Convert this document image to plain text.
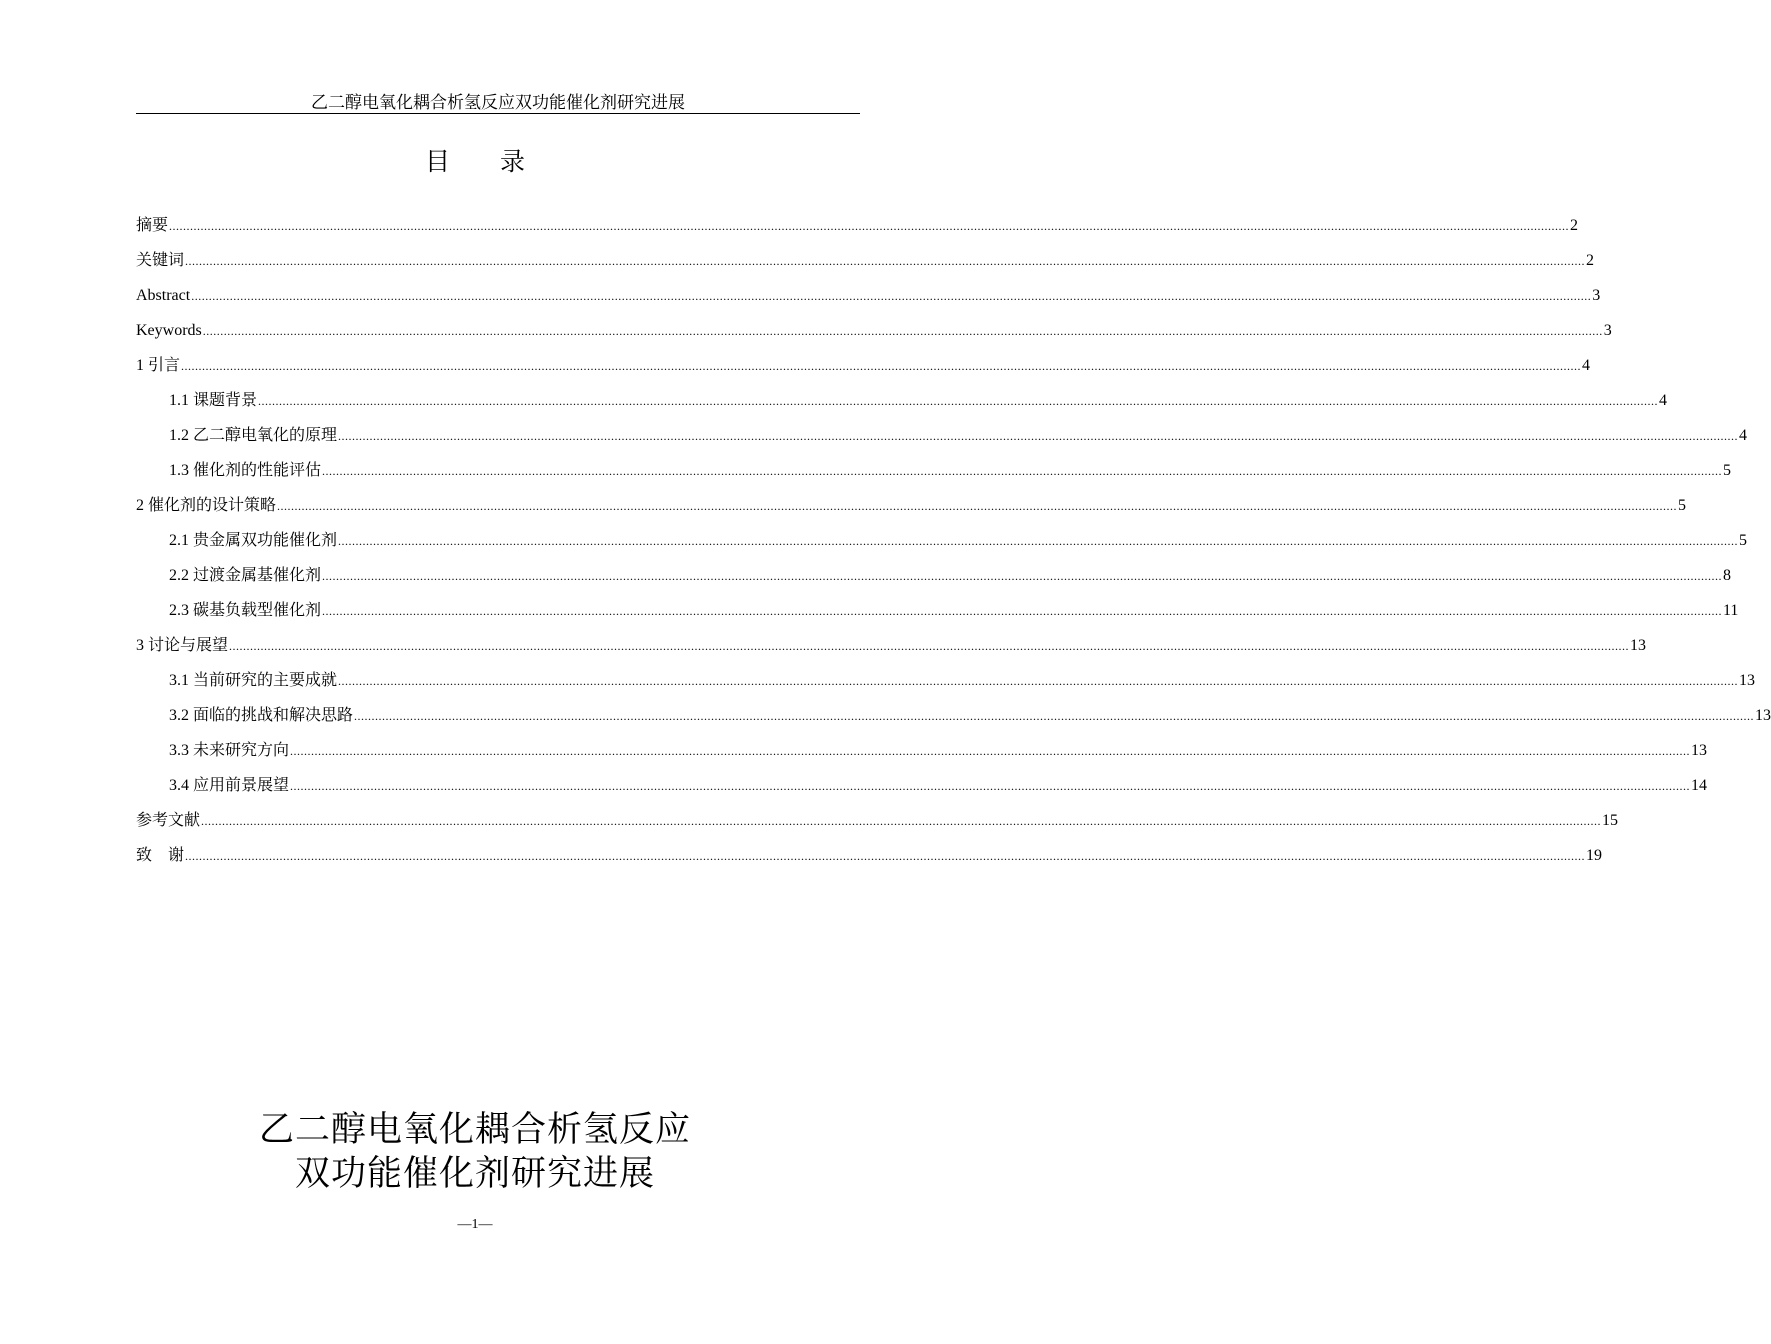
乙二醇电氧化耦合析氢反应双功能催化剂研究进展
目 录
摘要 ................................................................................................................................................................................................................................................................................................................................................................................................................ 2
关键词 ................................................................................................................................................................................................................................................................................................................................................................................................................ 2
Abstract ................................................................................................................................................................................................................................................................................................................................................................................................................ 3
Keywords ................................................................................................................................................................................................................................................................................................................................................................................................................ 3
1 引言 ................................................................................................................................................................................................................................................................................................................................................................................................................ 4
1.1 课题背景 ................................................................................................................................................................................................................................................................................................................................................................................................................ 4
1.2 乙二醇电氧化的原理 ................................................................................................................................................................................................................................................................................................................................................................................................................ 4
1.3 催化剂的性能评估 ................................................................................................................................................................................................................................................................................................................................................................................................................ 5
2 催化剂的设计策略 ................................................................................................................................................................................................................................................................................................................................................................................................................ 5
2.1 贵金属双功能催化剂 ................................................................................................................................................................................................................................................................................................................................................................................................................ 5
2.2 过渡金属基催化剂 ................................................................................................................................................................................................................................................................................................................................................................................................................ 8
2.3 碳基负载型催化剂 ................................................................................................................................................................................................................................................................................................................................................................................................................ 11
3 讨论与展望 ................................................................................................................................................................................................................................................................................................................................................................................................................ 13
3.1 当前研究的主要成就 ................................................................................................................................................................................................................................................................................................................................................................................................................ 13
3.2 面临的挑战和解决思路 ................................................................................................................................................................................................................................................................................................................................................................................................................ 13
3.3 未来研究方向 ................................................................................................................................................................................................................................................................................................................................................................................................................ 13
3.4 应用前景展望 ................................................................................................................................................................................................................................................................................................................................................................................................................ 14
参考文献 ................................................................................................................................................................................................................................................................................................................................................................................................................ 15
致    谢 ................................................................................................................................................................................................................................................................................................................................................................................................................ 19
乙二醇电氧化耦合析氢反应
双功能催化剂研究进展
—1—
